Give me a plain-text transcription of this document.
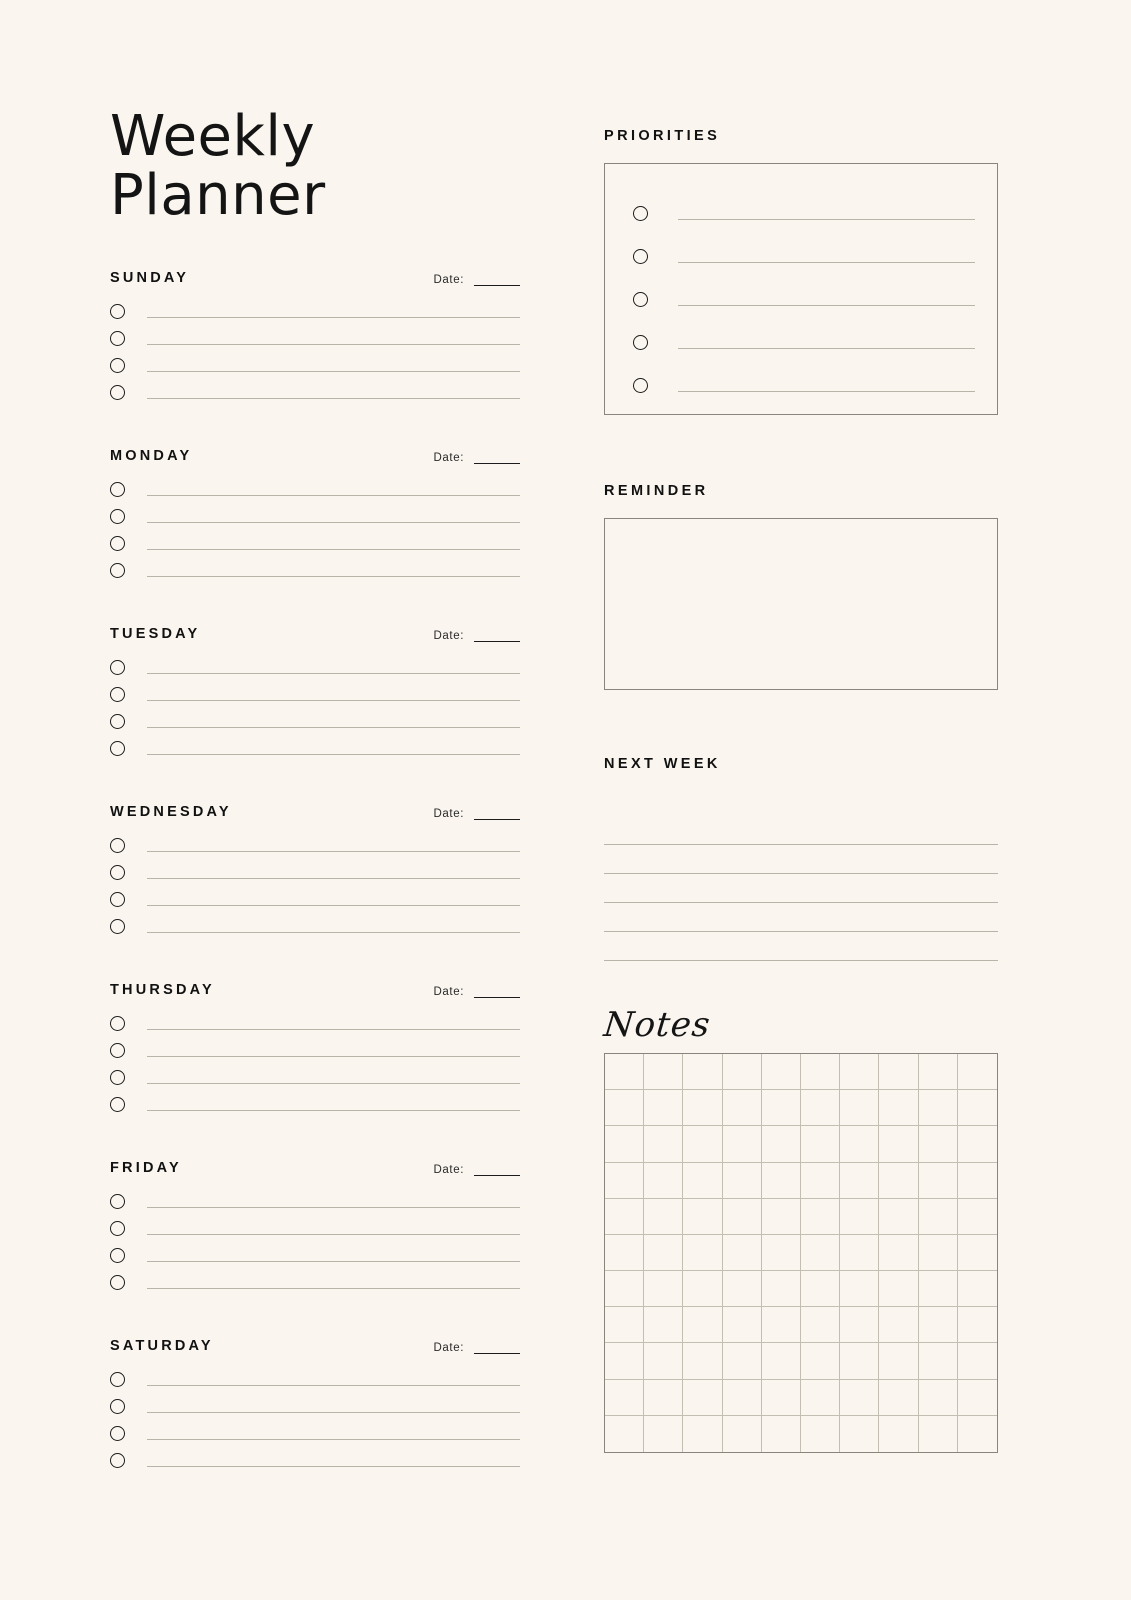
Weekly Planner
SUNDAY	Date:
MONDAY	Date:
TUESDAY	Date:
WEDNESDAY	Date:
THURSDAY	Date:
FRIDAY	Date:
SATURDAY	Date:
PRIORITIES
REMINDER
NEXT WEEK
Notes
